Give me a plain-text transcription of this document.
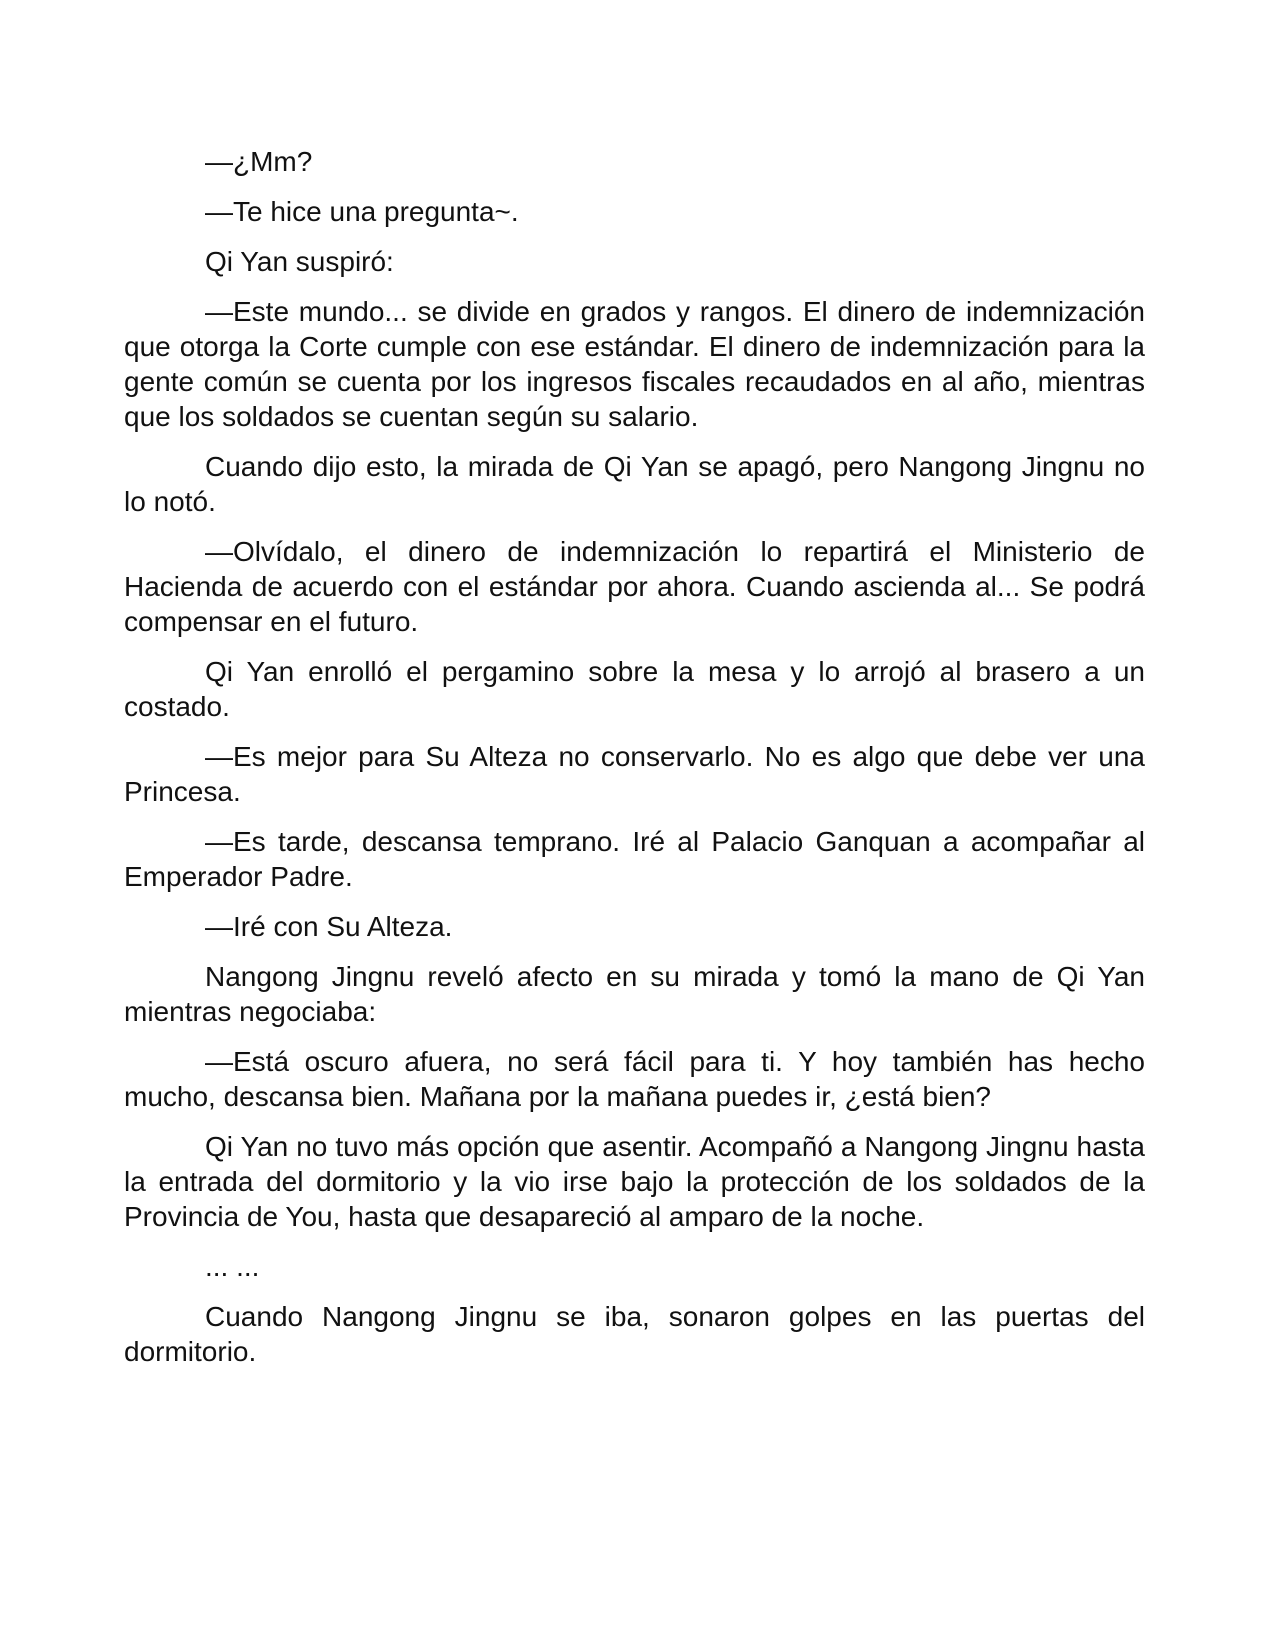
—¿Mm?

—Te hice una pregunta~.

Qi Yan suspiró:

—Este mundo... se divide en grados y rangos. El dinero de indemnización que otorga la Corte cumple con ese estándar. El dinero de indemnización para la gente común se cuenta por los ingresos fiscales recaudados en al año, mientras que los soldados se cuentan según su salario.

Cuando dijo esto, la mirada de Qi Yan se apagó, pero Nangong Jingnu no lo notó.

—Olvídalo, el dinero de indemnización lo repartirá el Ministerio de Hacienda de acuerdo con el estándar por ahora. Cuando ascienda al... Se podrá compensar en el futuro.

Qi Yan enrolló el pergamino sobre la mesa y lo arrojó al brasero a un costado.

—Es mejor para Su Alteza no conservarlo. No es algo que debe ver una Princesa.

—Es tarde, descansa temprano. Iré al Palacio Ganquan a acompañar al Emperador Padre.

—Iré con Su Alteza.

Nangong Jingnu reveló afecto en su mirada y tomó la mano de Qi Yan mientras negociaba:

—Está oscuro afuera, no será fácil para ti. Y hoy también has hecho mucho, descansa bien. Mañana por la mañana puedes ir, ¿está bien?

Qi Yan no tuvo más opción que asentir. Acompañó a Nangong Jingnu hasta la entrada del dormitorio y la vio irse bajo la protección de los soldados de la Provincia de You, hasta que desapareció al amparo de la noche.

... ...

Cuando Nangong Jingnu se iba, sonaron golpes en las puertas del dormitorio.
